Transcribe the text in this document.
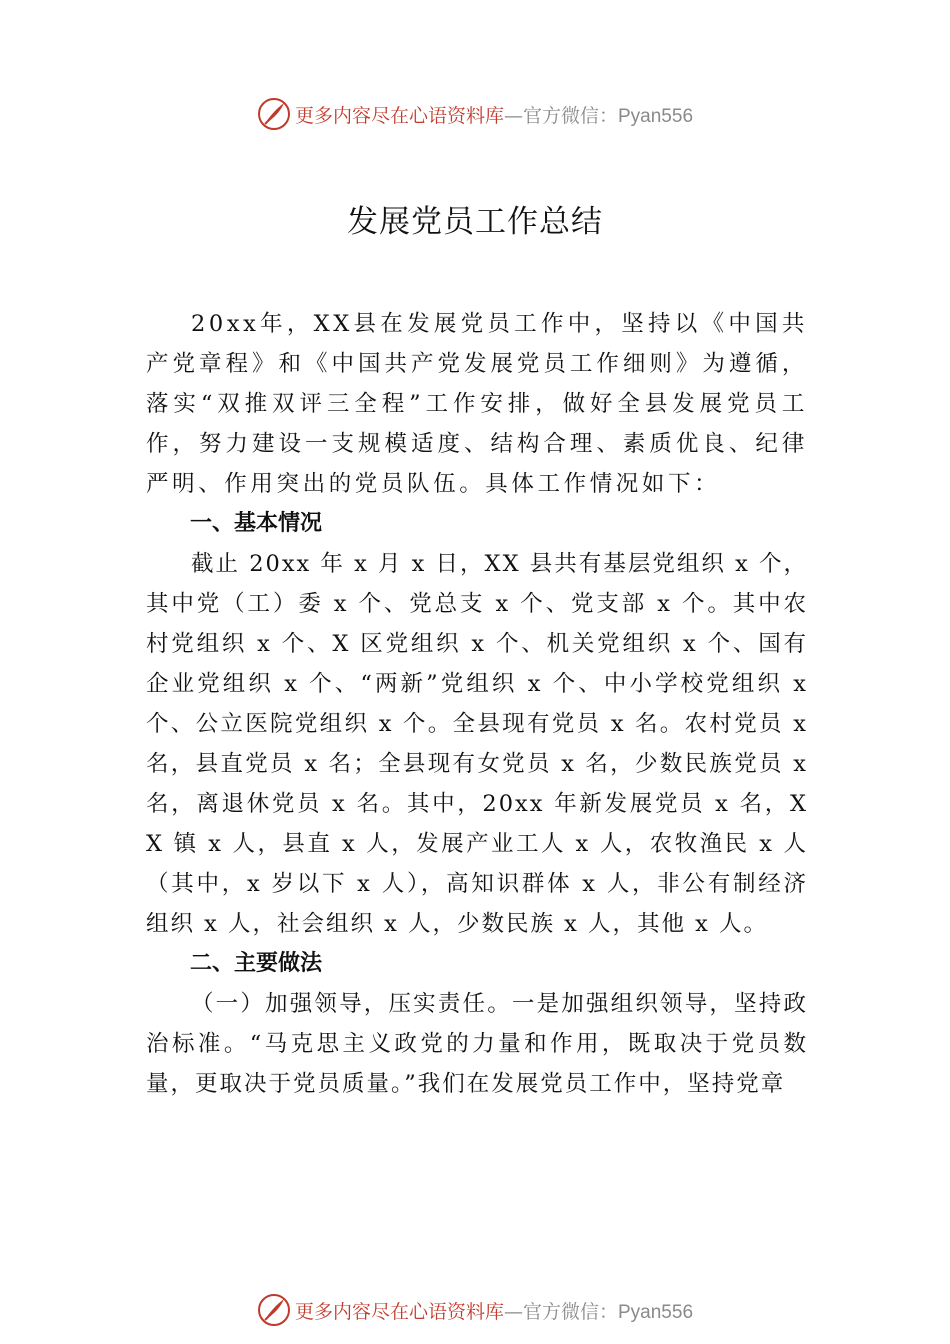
更多内容尽在心语资料库—官方微信：Pyan556
发展党员工作总结

20xx年，XX县在发展党员工作中，坚持以《中国共产党章程》和《中国共产党发展党员工作细则》为遵循，落实“双推双评三全程”工作安排，做好全县发展党员工作，努力建设一支规模适度、结构合理、素质优良、纪律严明、作用突出的党员队伍。具体工作情况如下：

一、基本情况

截止 20xx 年 x 月 x 日，XX 县共有基层党组织 x 个，其中党（工）委 x 个、党总支 x 个、党支部 x 个。其中农村党组织 x 个、X 区党组织 x 个、机关党组织 x 个、国有企业党组织 x 个、“两新”党组织 x 个、中小学校党组织 x 个、公立医院党组织 x 个。全县现有党员 x 名。农村党员 x 名，县直党员 x 名；全县现有女党员 x 名，少数民族党员 x 名，离退休党员 x 名。其中，20xx 年新发展党员 x 名，XX 镇 x 人，县直 x 人，发展产业工人 x 人，农牧渔民 x 人（其中，x 岁以下 x 人），高知识群体 x 人，非公有制经济组织 x 人，社会组织 x 人，少数民族 x 人，其他 x 人。

二、主要做法

（一）加强领导，压实责任。一是加强组织领导，坚持政治标准。“马克思主义政党的力量和作用，既取决于党员数量，更取决于党员质量。”我们在发展党员工作中，坚持党章

更多内容尽在心语资料库—官方微信：Pyan556
